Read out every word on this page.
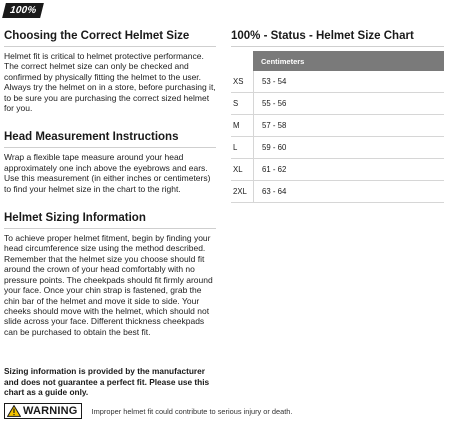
100%
Choosing the Correct Helmet Size

Helmet fit is critical to helmet protective performance. The correct helmet size can only be checked and confirmed by physically fitting the helmet to the user. Always try the helmet on in a store, before purchasing it, to be sure you are purchasing the correct sized helmet for you.

Head Measurement Instructions

Wrap a flexible tape measure around your head approximately one inch above the eyebrows and ears. Use this measurement (in either inches or centimeters) to find your helmet size in the chart to the right.

Helmet Sizing Information

To achieve proper helmet fitment, begin by finding your head circumference size using the method described. Remember that the helmet size you choose should fit around the crown of your head comfortably with no pressure points. The cheekpads should fit firmly around your face. Once your chin strap is fastened, grab the chin bar of the helmet and move it side to side. Your cheeks should move with the helmet, which should not slide across your face. Different thickness cheekpads can be purchased to obtain the best fit.

Sizing information is provided by the manufacturer and does not guarantee a perfect fit. Please use this chart as a guide only.

WARNING Improper helmet fit could contribute to serious injury or death.
100% - Status - Helmet Size Chart
Centimeters
XS	53 - 54
S	55 - 56
M	57 - 58
L	59 - 60
XL	61 - 62
2XL	63 - 64
